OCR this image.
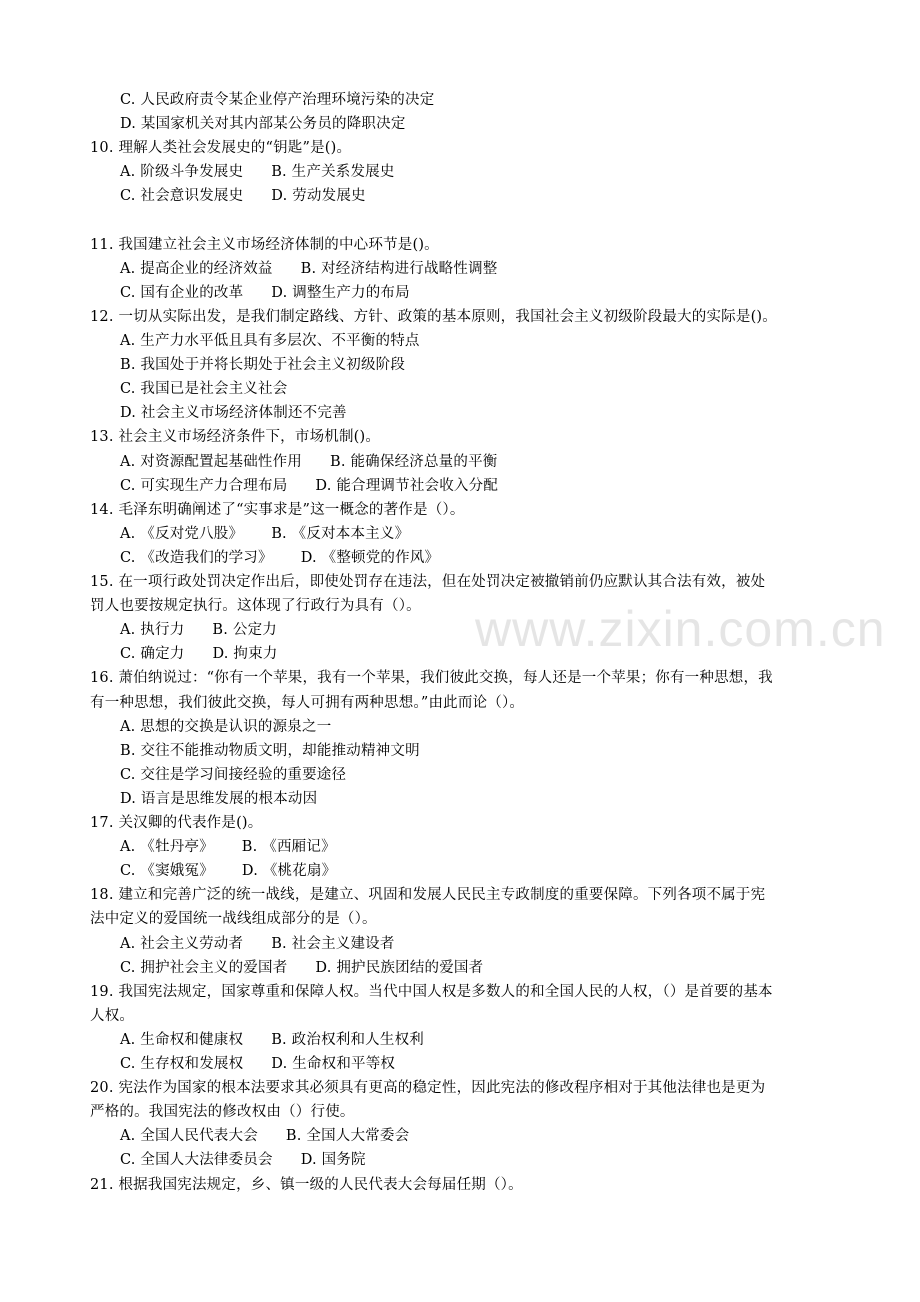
C. 人民政府责令某企业停产治理环境污染的决定
D. 某国家机关对其内部某公务员的降职决定
10. 理解人类社会发展史的“钥匙”是()。
A. 阶级斗争发展史 B. 生产关系发展史
C. 社会意识发展史 D. 劳动发展史
11. 我国建立社会主义市场经济体制的中心环节是()。
A. 提高企业的经济效益 B. 对经济结构进行战略性调整
C. 国有企业的改革 D. 调整生产力的布局
12. 一切从实际出发，是我们制定路线、方针、政策的基本原则，我国社会主义初级阶段最大的实际是()。
A. 生产力水平低且具有多层次、不平衡的特点
B. 我国处于并将长期处于社会主义初级阶段
C. 我国已是社会主义社会
D. 社会主义市场经济体制还不完善
13. 社会主义市场经济条件下，市场机制()。
A. 对资源配置起基础性作用 B. 能确保经济总量的平衡
C. 可实现生产力合理布局 D. 能合理调节社会收入分配
14. 毛泽东明确阐述了“实事求是”这一概念的著作是（）。
A. 《反对党八股》 B. 《反对本本主义》
C. 《改造我们的学习》 D. 《整顿党的作风》
15. 在一项行政处罚决定作出后，即使处罚存在违法，但在处罚决定被撤销前仍应默认其合法有效，被处
罚人也要按规定执行。这体现了行政行为具有（）。
A. 执行力 B. 公定力
C. 确定力 D. 拘束力
16. 萧伯纳说过：“你有一个苹果，我有一个苹果，我们彼此交换，每人还是一个苹果；你有一种思想，我
有一种思想，我们彼此交换，每人可拥有两种思想。”由此而论（）。
A. 思想的交换是认识的源泉之一
B. 交往不能推动物质文明，却能推动精神文明
C. 交往是学习间接经验的重要途径
D. 语言是思维发展的根本动因
17. 关汉卿的代表作是()。
A. 《牡丹亭》 B. 《西厢记》
C. 《窦娥冤》 D. 《桃花扇》
18. 建立和完善广泛的统一战线，是建立、巩固和发展人民民主专政制度的重要保障。下列各项不属于宪
法中定义的爱国统一战线组成部分的是（）。
A. 社会主义劳动者 B. 社会主义建设者
C. 拥护社会主义的爱国者 D. 拥护民族团结的爱国者
19. 我国宪法规定，国家尊重和保障人权。当代中国人权是多数人的和全国人民的人权，（）是首要的基本
人权。
A. 生命权和健康权 B. 政治权利和人生权利
C. 生存权和发展权 D. 生命权和平等权
20. 宪法作为国家的根本法要求其必须具有更高的稳定性，因此宪法的修改程序相对于其他法律也是更为
严格的。我国宪法的修改权由（）行使。
A. 全国人民代表大会 B. 全国人大常委会
C. 全国人大法律委员会 D. 国务院
21. 根据我国宪法规定，乡、镇一级的人民代表大会每届任期（）。
www.zixin.com.cn
